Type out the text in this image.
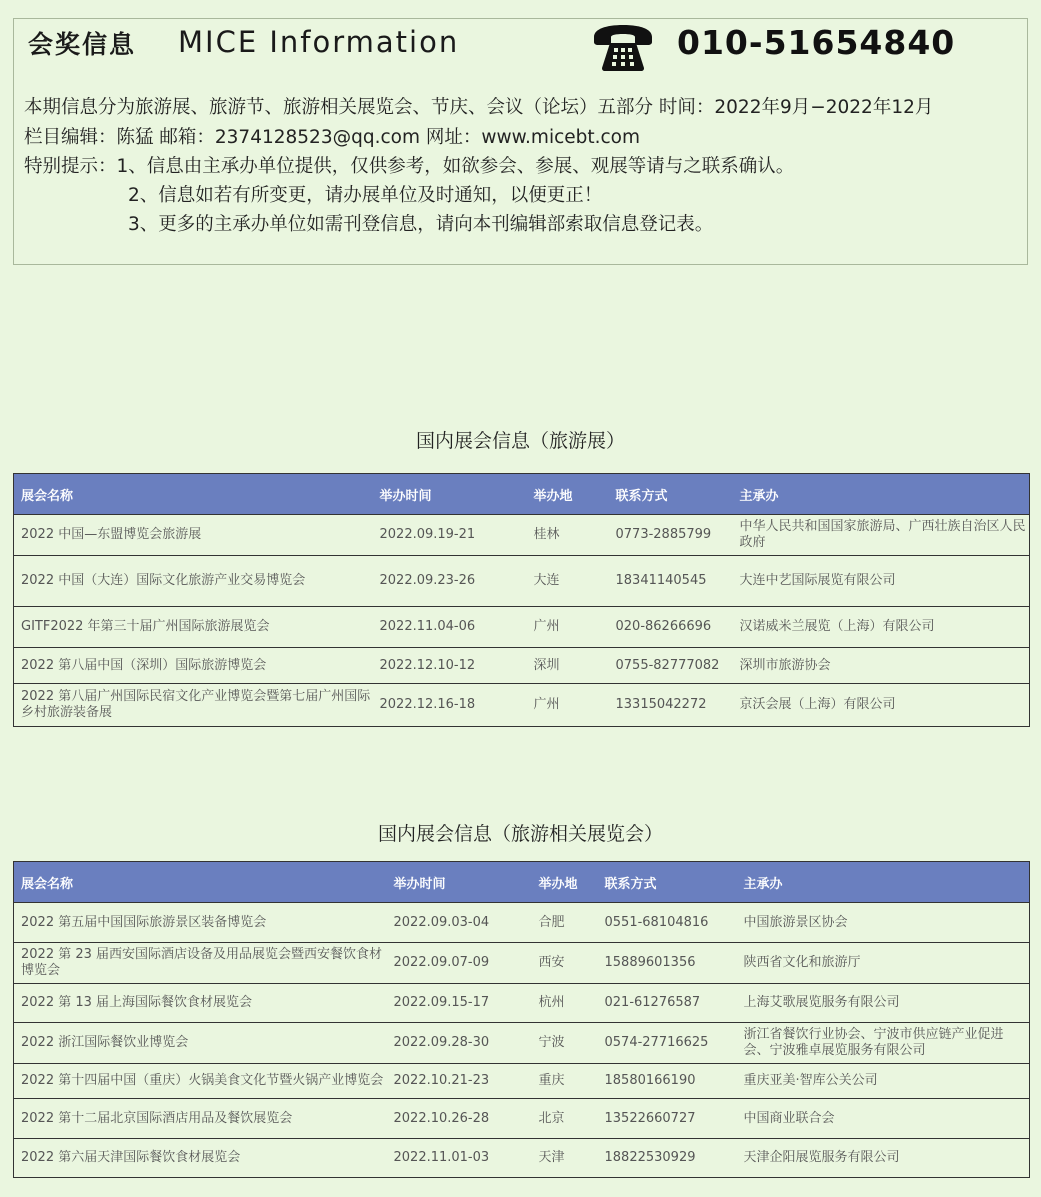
会奖信息 MICE Information	010-51654840
本期信息分为旅游展、旅游节、旅游相关展览会、节庆、会议（论坛）五部分 时间：2022年9月−2022年12月
栏目编辑：陈猛 邮箱：2374128523@qq.com 网址：www.micebt.com
特别提示：1、信息由主承办单位提供，仅供参考，如欲参会、参展、观展等请与之联系确认。
2、信息如若有所变更，请办展单位及时通知，以便更正！
3、更多的主承办单位如需刊登信息，请向本刊编辑部索取信息登记表。
国内展会信息（旅游展）
展会名称	举办时间	举办地	联系方式	主承办
2022 中国—东盟博览会旅游展	2022.09.19-21	桂林	0773-2885799	中华人民共和国国家旅游局、广西壮族自治区人民政府
2022 中国（大连）国际文化旅游产业交易博览会	2022.09.23-26	大连	18341140545	大连中艺国际展览有限公司
GITF2022 年第三十届广州国际旅游展览会	2022.11.04-06	广州	020-86266696	汉诺威米兰展览（上海）有限公司
2022 第八届中国（深圳）国际旅游博览会	2022.12.10-12	深圳	0755-82777082	深圳市旅游协会
2022 第八届广州国际民宿文化产业博览会暨第七届广州国际乡村旅游装备展	2022.12.16-18	广州	13315042272	京沃会展（上海）有限公司
国内展会信息（旅游相关展览会）
展会名称	举办时间	举办地	联系方式	主承办
2022 第五届中国国际旅游景区装备博览会	2022.09.03-04	合肥	0551-68104816	中国旅游景区协会
2022 第 23 届西安国际酒店设备及用品展览会暨西安餐饮食材博览会	2022.09.07-09	西安	15889601356	陕西省文化和旅游厅
2022 第 13 届上海国际餐饮食材展览会	2022.09.15-17	杭州	021-61276587	上海艾歌展览服务有限公司
2022 浙江国际餐饮业博览会	2022.09.28-30	宁波	0574-27716625	浙江省餐饮行业协会、宁波市供应链产业促进会、宁波雅卓展览服务有限公司
2022 第十四届中国（重庆）火锅美食文化节暨火锅产业博览会	2022.10.21-23	重庆	18580166190	重庆亚美·智库公关公司
2022 第十二届北京国际酒店用品及餐饮展览会	2022.10.26-28	北京	13522660727	中国商业联合会
2022 第六届天津国际餐饮食材展览会	2022.11.01-03	天津	18822530929	天津企阳展览服务有限公司
